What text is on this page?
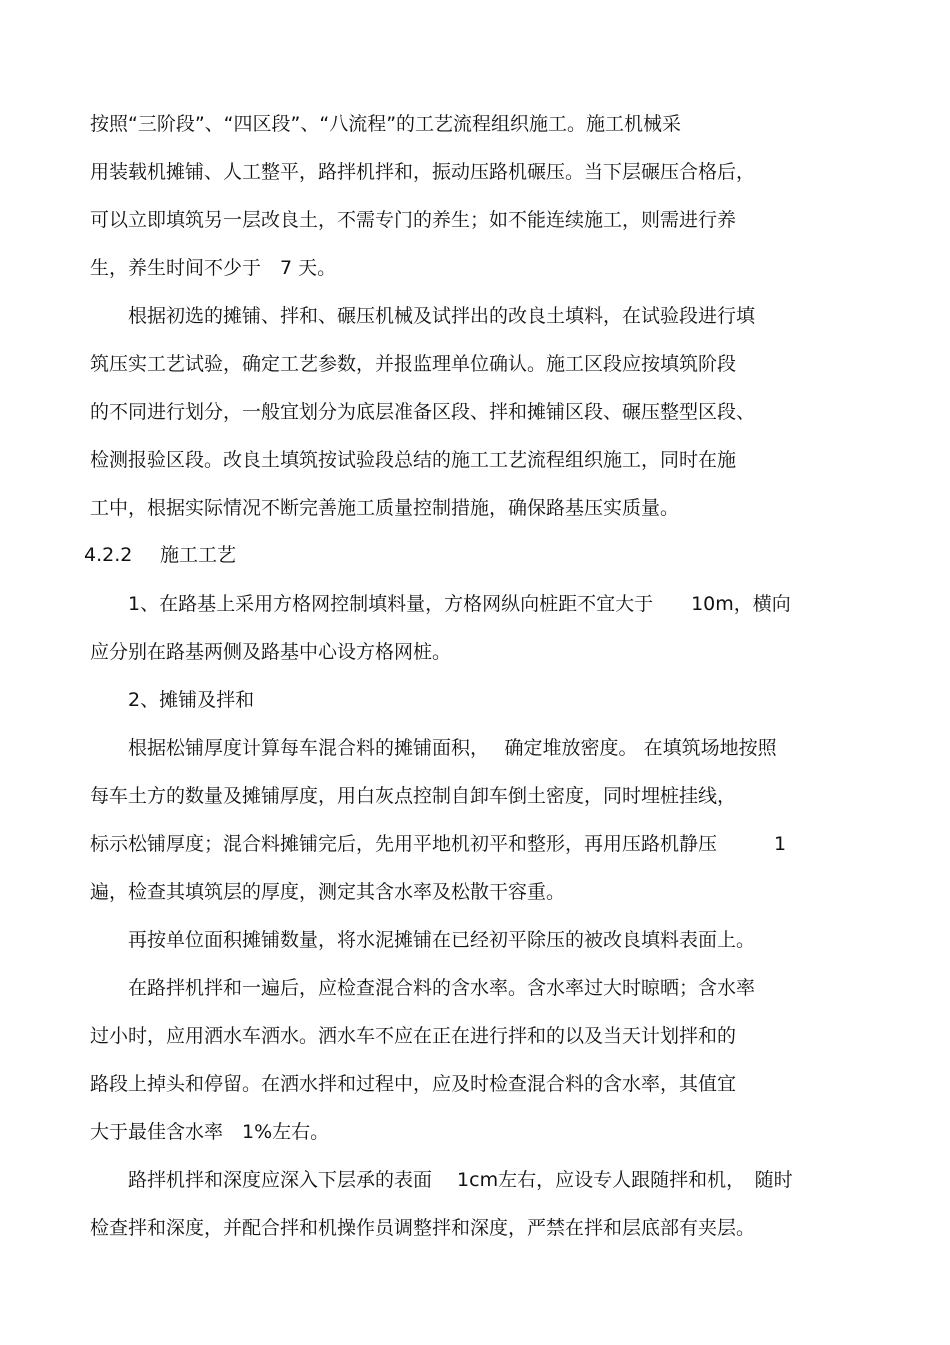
按照“三阶段”、“四区段”、“八流程”的工艺流程组织施工。施工机械采
用装载机摊铺、人工整平，路拌机拌和，振动压路机碾压。当下层碾压合格后，
可以立即填筑另一层改良土，不需专门的养生；如不能连续施工，则需进行养
生，养生时间不少于　7 天。
根据初选的摊铺、拌和、碾压机械及试拌出的改良土填料，在试验段进行填
筑压实工艺试验，确定工艺参数，并报监理单位确认。施工区段应按填筑阶段
的不同进行划分，一般宜划分为底层准备区段、拌和摊铺区段、碾压整型区段、
检测报验区段。改良土填筑按试验段总结的施工工艺流程组织施工，同时在施
工中，根据实际情况不断完善施工质量控制措施，确保路基压实质量。
4.2.2 施工工艺
1、在路基上采用方格网控制填料量，方格网纵向桩距不宜大于　　10m，横向
应分别在路基两侧及路基中心设方格网桩。
2、摊铺及拌和
根据松铺厚度计算每车混合料的摊铺面积，　 确定堆放密度。 在填筑场地按照
每车土方的数量及摊铺厚度，用白灰点控制自卸车倒土密度，同时埋桩挂线，
标示松铺厚度；混合料摊铺完后，先用平地机初平和整形，再用压路机静压　　　1
遍，检查其填筑层的厚度，测定其含水率及松散干容重。
再按单位面积摊铺数量，将水泥摊铺在已经初平除压的被改良填料表面上。
在路拌机拌和一遍后，应检查混合料的含水率。含水率过大时晾晒；含水率
过小时，应用洒水车洒水。洒水车不应在正在进行拌和的以及当天计划拌和的
路段上掉头和停留。在洒水拌和过程中，应及时检查混合料的含水率，其值宜
大于最佳含水率　1%左右。
路拌机拌和深度应深入下层承的表面　 1cm左右，应设专人跟随拌和机，　随时
检查拌和深度，并配合拌和机操作员调整拌和深度，严禁在拌和层底部有夹层。
